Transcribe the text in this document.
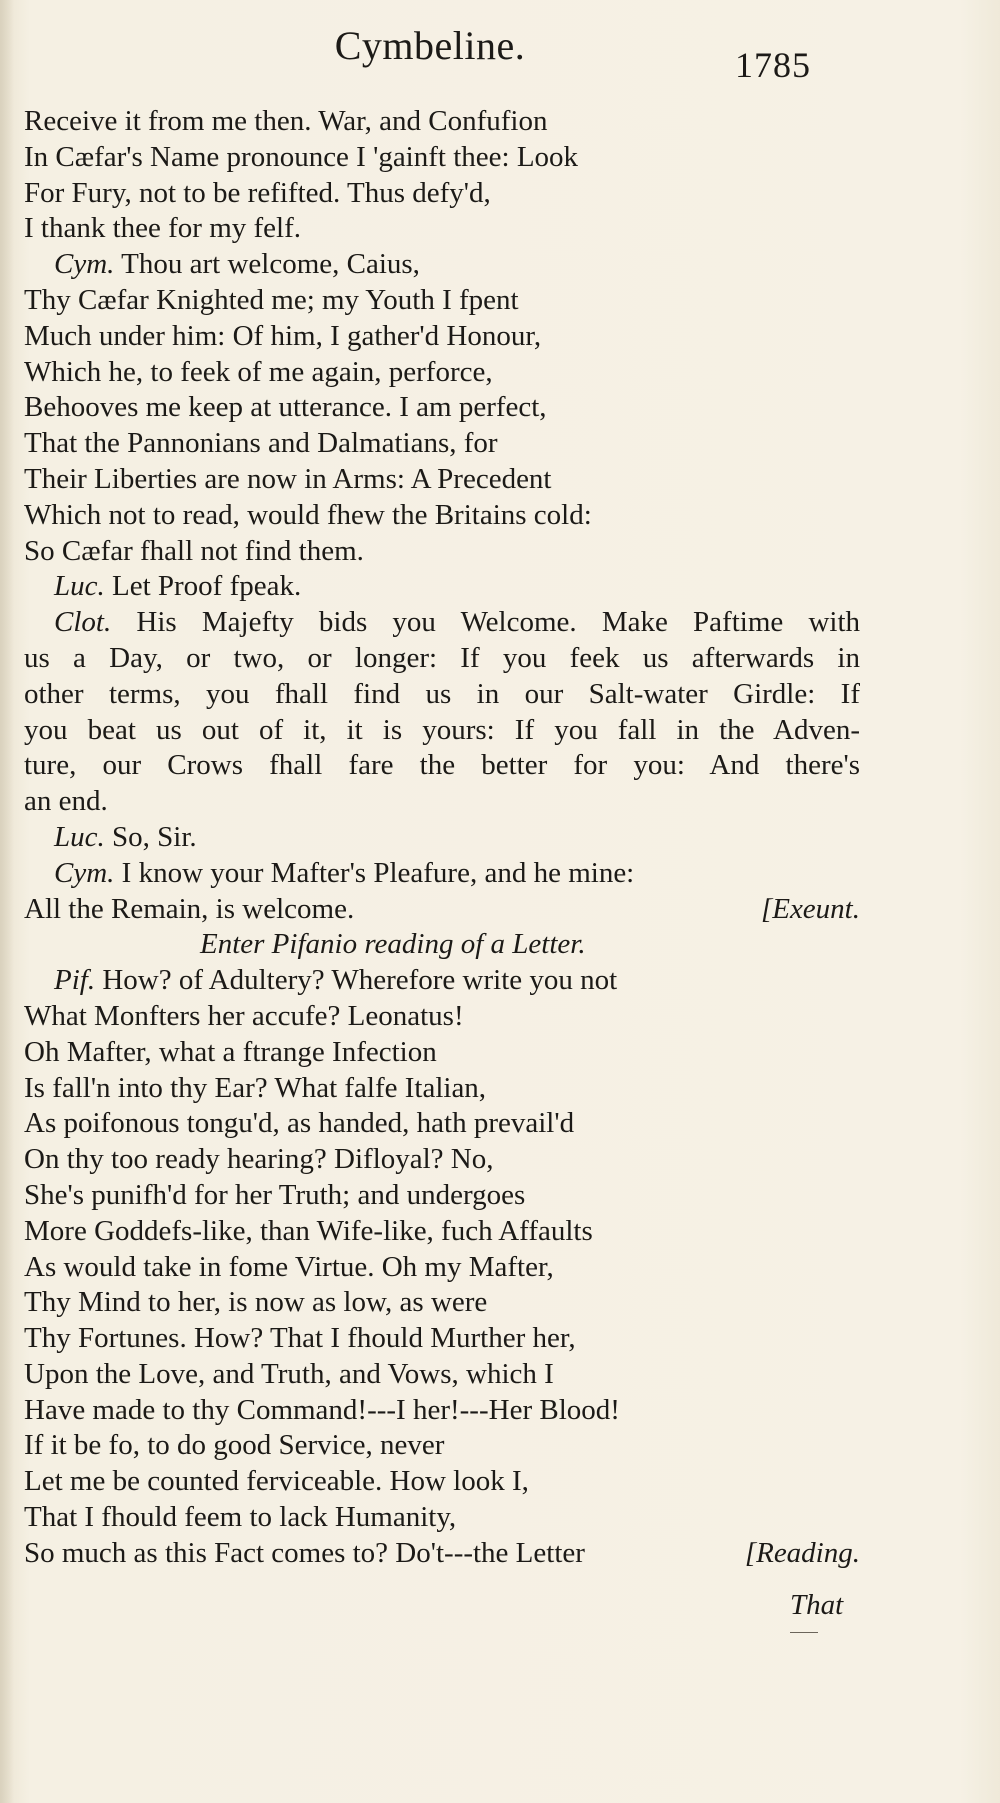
Cymbeline.	1785
Receive it from me then. War, and Confufion
In Cæfar's Name pronounce I 'gainft thee: Look
For Fury, not to be refifted. Thus defy'd,
I thank thee for my felf.
Cym. Thou art welcome, Caius,
Thy Cæfar Knighted me; my Youth I fpent
Much under him: Of him, I gather'd Honour,
Which he, to feek of me again, perforce,
Behooves me keep at utterance. I am perfect,
That the Pannonians and Dalmatians, for
Their Liberties are now in Arms: A Precedent
Which not to read, would fhew the Britains cold:
So Cæfar fhall not find them.
Luc. Let Proof fpeak.
Clot. His Majefty bids you Welcome. Make Paftime with
us a Day, or two, or longer: If you feek us afterwards in
other terms, you fhall find us in our Salt-water Girdle: If
you beat us out of it, it is yours: If you fall in the Adven-
ture, our Crows fhall fare the better for you: And there's
an end.
Luc. So, Sir.
Cym. I know your Mafter's Pleafure, and he mine:
[Exeunt.
All the Remain, is welcome.
Enter Pifanio reading of a Letter.
Pif. How? of Adultery? Wherefore write you not
What Monfters her accufe? Leonatus!
Oh Mafter, what a ftrange Infection
Is fall'n into thy Ear? What falfe Italian,
As poifonous tongu'd, as handed, hath prevail'd
On thy too ready hearing? Difloyal? No,
She's punifh'd for her Truth; and undergoes
More Goddefs-like, than Wife-like, fuch Affaults
As would take in fome Virtue. Oh my Mafter,
Thy Mind to her, is now as low, as were
Thy Fortunes. How? That I fhould Murther her,
Upon the Love, and Truth, and Vows, which I
Have made to thy Command!---I her!---Her Blood!
If it be fo, to do good Service, never
Let me be counted ferviceable. How look I,
That I fhould feem to lack Humanity,
[Reading.
So much as this Fact comes to? Do't---the Letter
That
